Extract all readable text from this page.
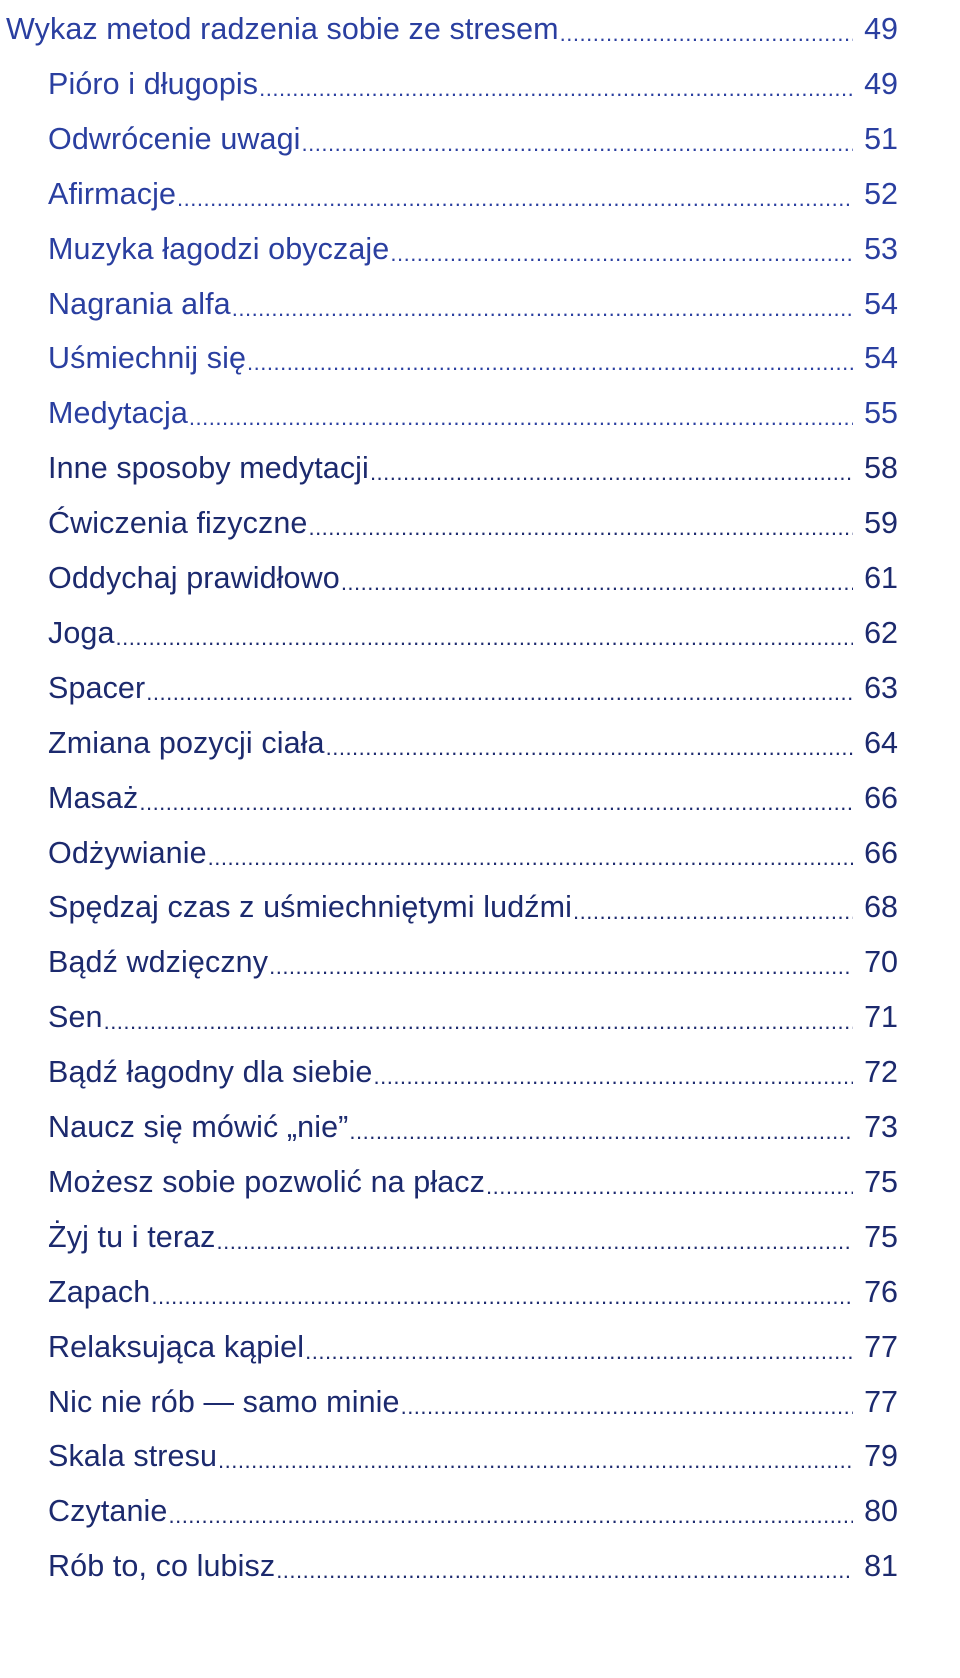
Wykaz metod radzenia sobie ze stresem .....	49
Pióro i długopis .....	49
Odwrócenie uwagi .....	51
Afirmacje .....	52
Muzyka łagodzi obyczaje .....	53
Nagrania alfa .....	54
Uśmiechnij się .....	54
Medytacja .....	55
Inne sposoby medytacji .....	58
Ćwiczenia fizyczne .....	59
Oddychaj prawidłowo .....	61
Joga .....	62
Spacer .....	63
Zmiana pozycji ciała .....	64
Masaż .....	66
Odżywianie .....	66
Spędzaj czas z uśmiechniętymi ludźmi .....	68
Bądź wdzięczny .....	70
Sen .....	71
Bądź łagodny dla siebie .....	72
Naucz się mówić „nie” .....	73
Możesz sobie pozwolić na płacz .....	75
Żyj tu i teraz .....	75
Zapach .....	76
Relaksująca kąpiel .....	77
Nic nie rób — samo minie .....	77
Skala stresu .....	79
Czytanie .....	80
Rób to, co lubisz .....	81
